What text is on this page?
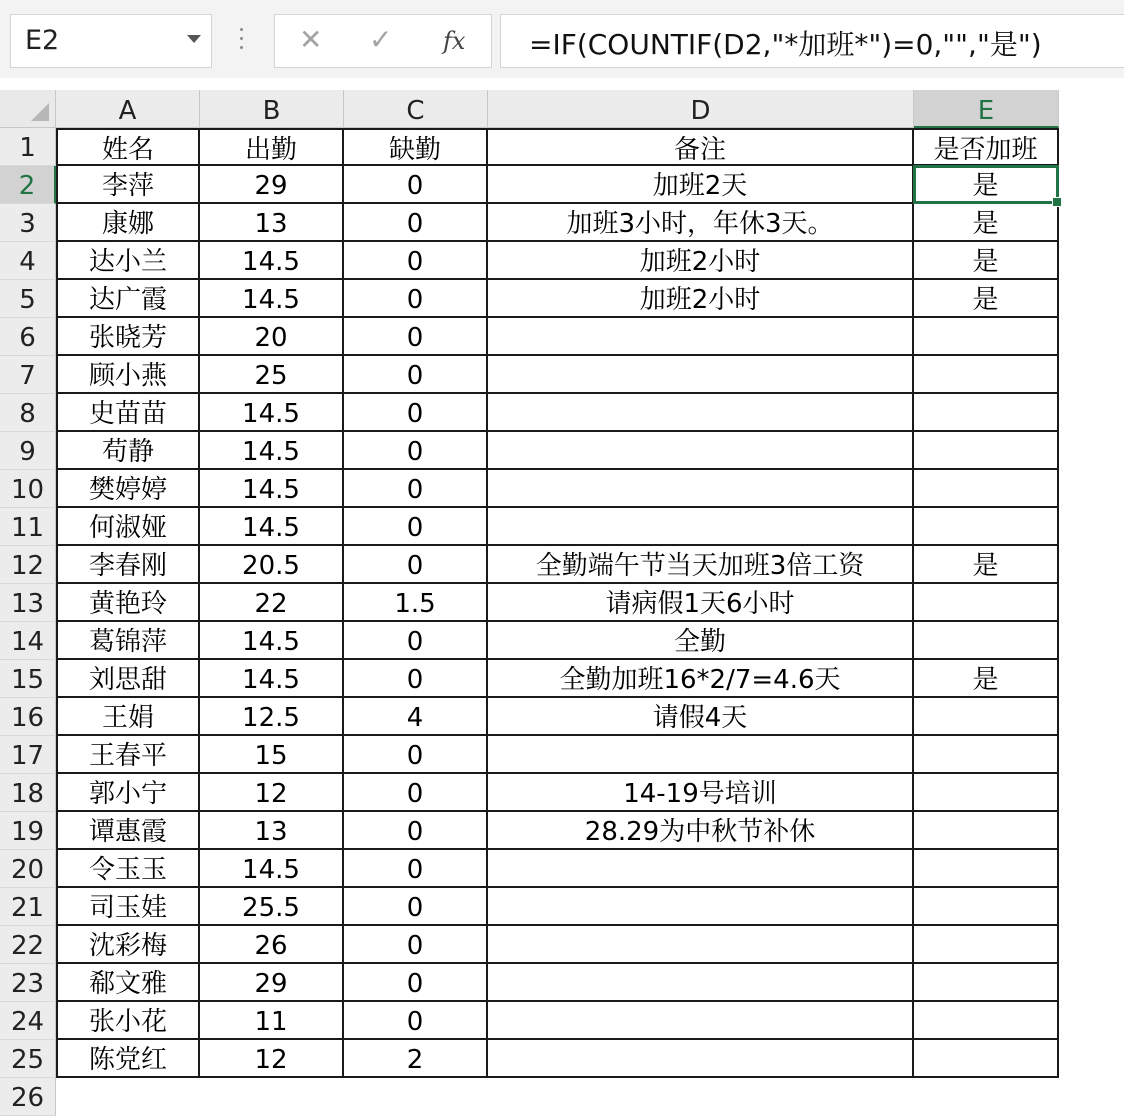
E2	✕ ✓ fx =IF(COUNTIF(D2,"*加班*")=0,"","是")
A	B	C	D	E
1	姓名	出勤	缺勤	备注	是否加班
2	李萍	29	0	加班2天	是
3	康娜	13	0	加班3小时，年休3天。	是
4	达小兰	14.5	0	加班2小时	是
5	达广霞	14.5	0	加班2小时	是
6	张晓芳	20	0
7	顾小燕	25	0
8	史苗苗	14.5	0
9	苟静	14.5	0
10	樊婷婷	14.5	0
11	何淑娅	14.5	0
12	李春刚	20.5	0	全勤端午节当天加班3倍工资	是
13	黄艳玲	22	1.5	请病假1天6小时
14	葛锦萍	14.5	0	全勤
15	刘思甜	14.5	0	全勤加班16*2/7=4.6天	是
16	王娟	12.5	4	请假4天
17	王春平	15	0
18	郭小宁	12	0	14-19号培训
19	谭惠霞	13	0	28.29为中秋节补休
20	令玉玉	14.5	0
21	司玉娃	25.5	0
22	沈彩梅	26	0
23	郗文雅	29	0
24	张小花	11	0
25	陈党红	12	2
26
